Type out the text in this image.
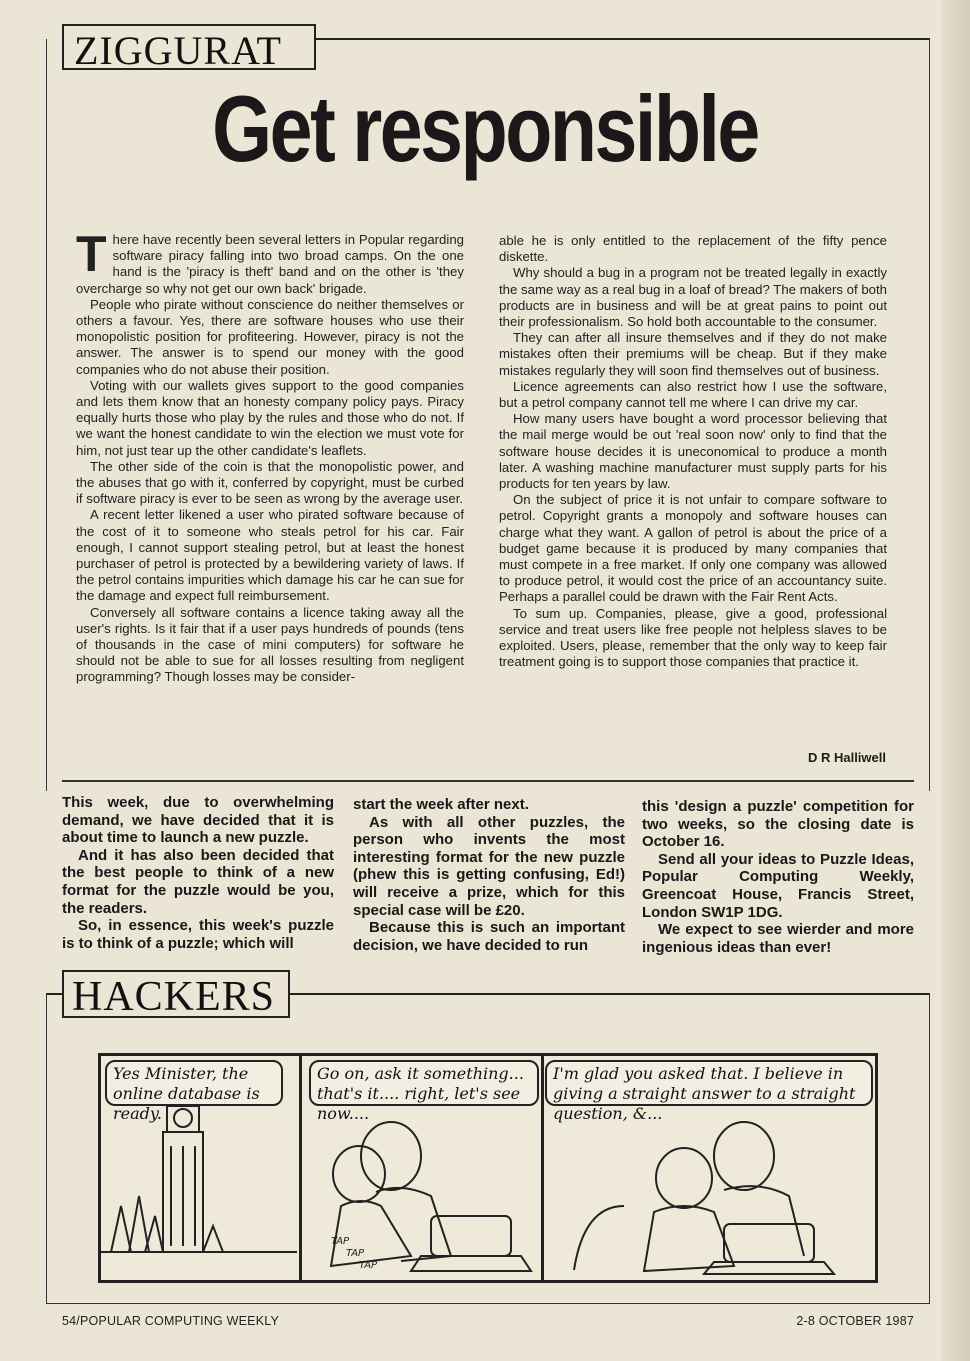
ZIGGURAT
Get responsible

There have recently been several letters in Popular regarding software piracy falling into two broad camps. On the one hand is the 'piracy is theft' band and on the other is 'they overcharge so why not get our own back' brigade.

People who pirate without conscience do neither themselves or others a favour. Yes, there are software houses who use their monopolistic position for profiteering. However, piracy is not the answer. The answer is to spend our money with the good companies who do not abuse their position.

Voting with our wallets gives support to the good companies and lets them know that an honesty company policy pays. Piracy equally hurts those who play by the rules and those who do not. If we want the honest candidate to win the election we must vote for him, not just tear up the other candidate's leaflets.

The other side of the coin is that the monopolistic power, and the abuses that go with it, conferred by copyright, must be curbed if software piracy is ever to be seen as wrong by the average user.

A recent letter likened a user who pirated software because of the cost of it to someone who steals petrol for his car. Fair enough, I cannot support stealing petrol, but at least the honest purchaser of petrol is protected by a bewildering variety of laws. If the petrol contains impurities which damage his car he can sue for the damage and expect full reimbursement.

Conversely all software contains a licence taking away all the user's rights. Is it fair that if a user pays hundreds of pounds (tens of thousands in the case of mini computers) for software he should not be able to sue for all losses resulting from negligent programming? Though losses may be consider-

able he is only entitled to the replacement of the fifty pence diskette.

Why should a bug in a program not be treated legally in exactly the same way as a real bug in a loaf of bread? The makers of both products are in business and will be at great pains to point out their professionalism. So hold both accountable to the consumer.

They can after all insure themselves and if they do not make mistakes often their premiums will be cheap. But if they make mistakes regularly they will soon find themselves out of business.

Licence agreements can also restrict how I use the software, but a petrol company cannot tell me where I can drive my car.

How many users have bought a word processor believing that the mail merge would be out 'real soon now' only to find that the software house decides it is uneconomical to produce a month later. A washing machine manufacturer must supply parts for his products for ten years by law.

On the subject of price it is not unfair to compare software to petrol. Copyright grants a monopoly and software houses can charge what they want. A gallon of petrol is about the price of a budget game because it is produced by many companies that must compete in a free market. If only one company was allowed to produce petrol, it would cost the price of an accountancy suite. Perhaps a parallel could be drawn with the Fair Rent Acts.

To sum up. Companies, please, give a good, professional service and treat users like free people not helpless slaves to be exploited. Users, please, remember that the only way to keep fair treatment going is to support those companies that practice it.

D R Halliwell

This week, due to overwhelming demand, we have decided that it is about time to launch a new puzzle.

And it has also been decided that the best people to think of a new format for the puzzle would be you, the readers.

So, in essence, this week's puzzle is to think of a puzzle; which will

start the week after next.

As with all other puzzles, the person who invents the most interesting format for the new puzzle (phew this is getting confusing, Ed!) will receive a prize, which for this special case will be £20.

Because this is such an important decision, we have decided to run

this 'design a puzzle' competition for two weeks, so the closing date is October 16.

Send all your ideas to Puzzle Ideas, Popular Computing Weekly, Greencoat House, Francis Street, London SW1P 1DG.

We expect to see wierder and more ingenious ideas than ever!

HACKERS
TAP
TAP
TAP
Yes Minister, the online database is ready.
Go on, ask it something... that's it.... right, let's see now....
I'm glad you asked that. I believe in giving a straight answer to a straight question, &...
54/POPULAR COMPUTING WEEKLY	2-8 OCTOBER 1987
